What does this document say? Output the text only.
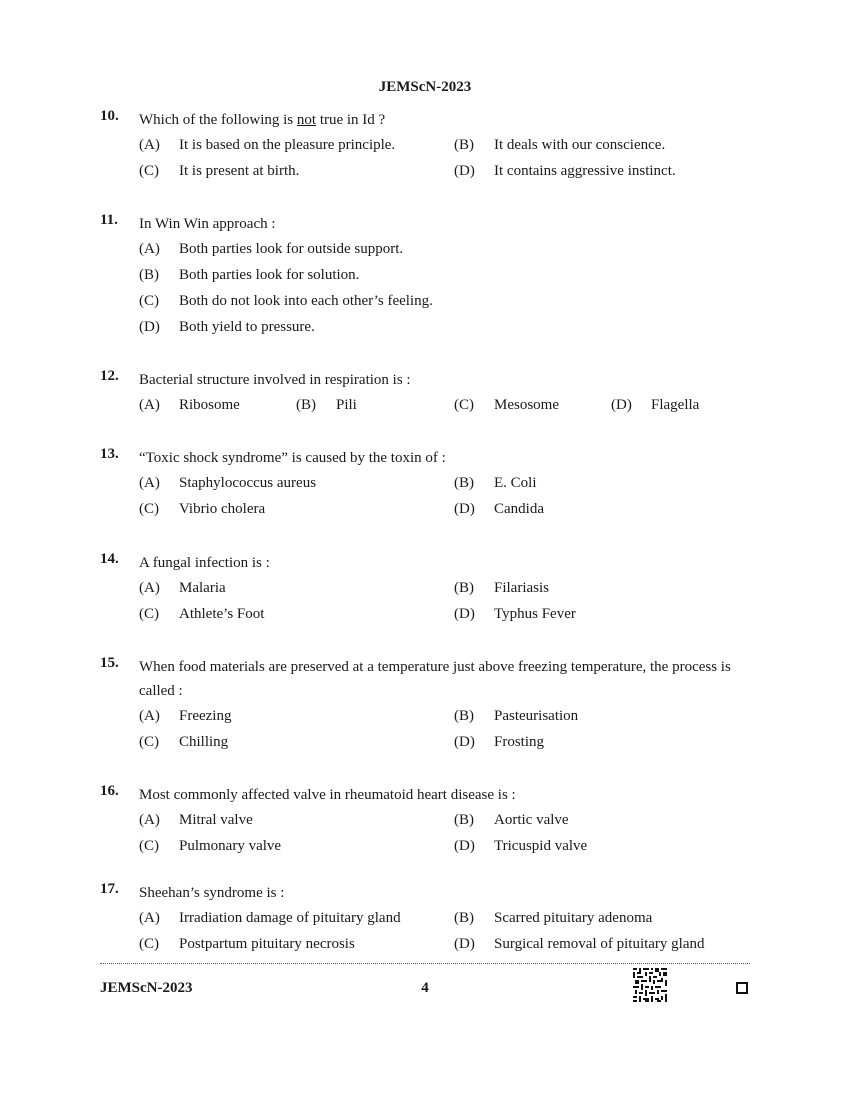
JEMScN-2023
10. Which of the following is not true in Id ?
(A) It is based on the pleasure principle.	(B) It deals with our conscience.
(C) It is present at birth.	(D) It contains aggressive instinct.
11. In Win Win approach :
(A) Both parties look for outside support.
(B) Both parties look for solution.
(C) Both do not look into each other’s feeling.
(D) Both yield to pressure.
12. Bacterial structure involved in respiration is :
(A) Ribosome	(B) Pili	(C) Mesosome	(D) Flagella
13. “Toxic shock syndrome” is caused by the toxin of :
(A) Staphylococcus aureus	(B) E. Coli
(C) Vibrio cholera	(D) Candida
14. A fungal infection is :
(A) Malaria	(B) Filariasis
(C) Athlete’s Foot	(D) Typhus Fever
15. When food materials are preserved at a temperature just above freezing temperature, the process is called :
(A) Freezing	(B) Pasteurisation
(C) Chilling	(D) Frosting
16. Most commonly affected valve in rheumatoid heart disease is :
(A) Mitral valve	(B) Aortic valve
(C) Pulmonary valve	(D) Tricuspid valve
17. Sheehan’s syndrome is :
(A) Irradiation damage of pituitary gland	(B) Scarred pituitary adenoma
(C) Postpartum pituitary necrosis	(D) Surgical removal of pituitary gland
JEMScN-2023	4
